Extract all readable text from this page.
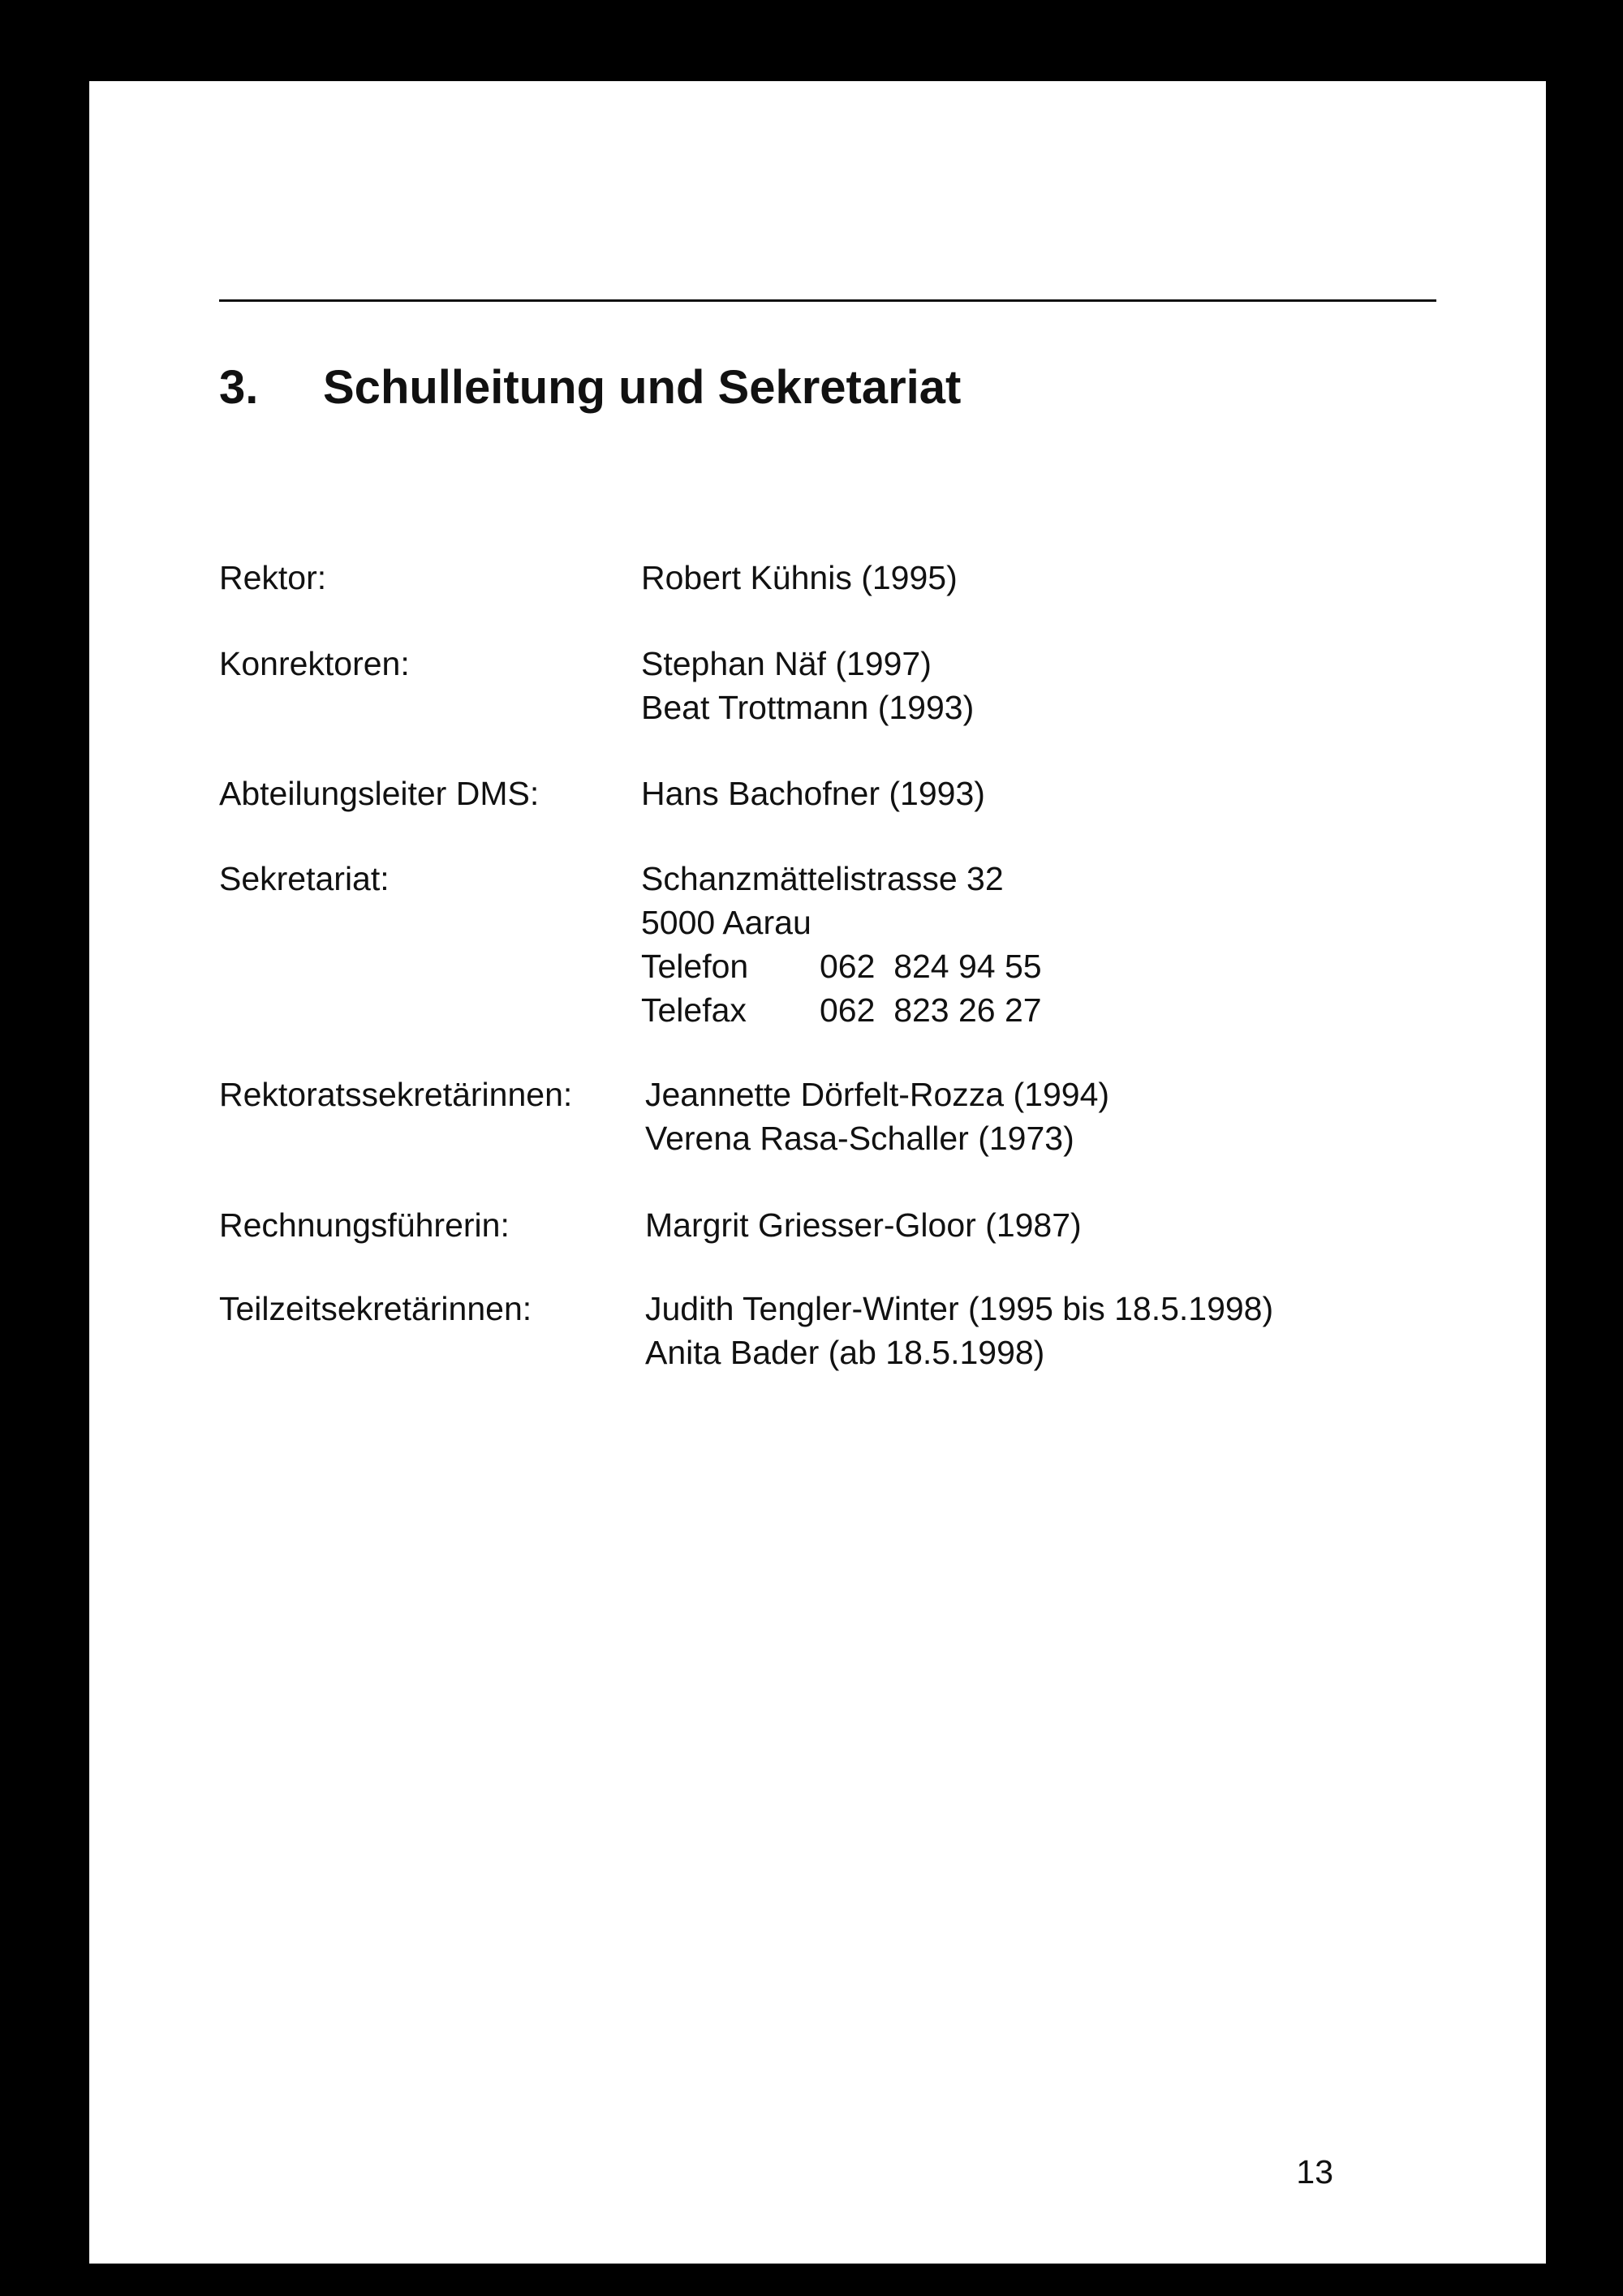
3. Schulleitung und Sekretariat
Rektor:	Robert Kühnis (1995)
Konrektoren:	Stephan Näf (1997)
Beat Trottmann (1993)
Abteilungsleiter DMS:	Hans Bachofner (1993)
Sekretariat:	Schanzmättelistrasse 32
5000 Aarau
Telefon 062  824 94 55
Telefax 062  823 26 27
Rektoratssekretärinnen: Jeannette Dörfelt-Rozza (1994)
Verena Rasa-Schaller (1973)
Rechnungsführerin:	Margrit Griesser-Gloor (1987)
Teilzeitsekretärinnen:	Judith Tengler-Winter (1995 bis 18.5.1998)
Anita Bader (ab 18.5.1998)
13
